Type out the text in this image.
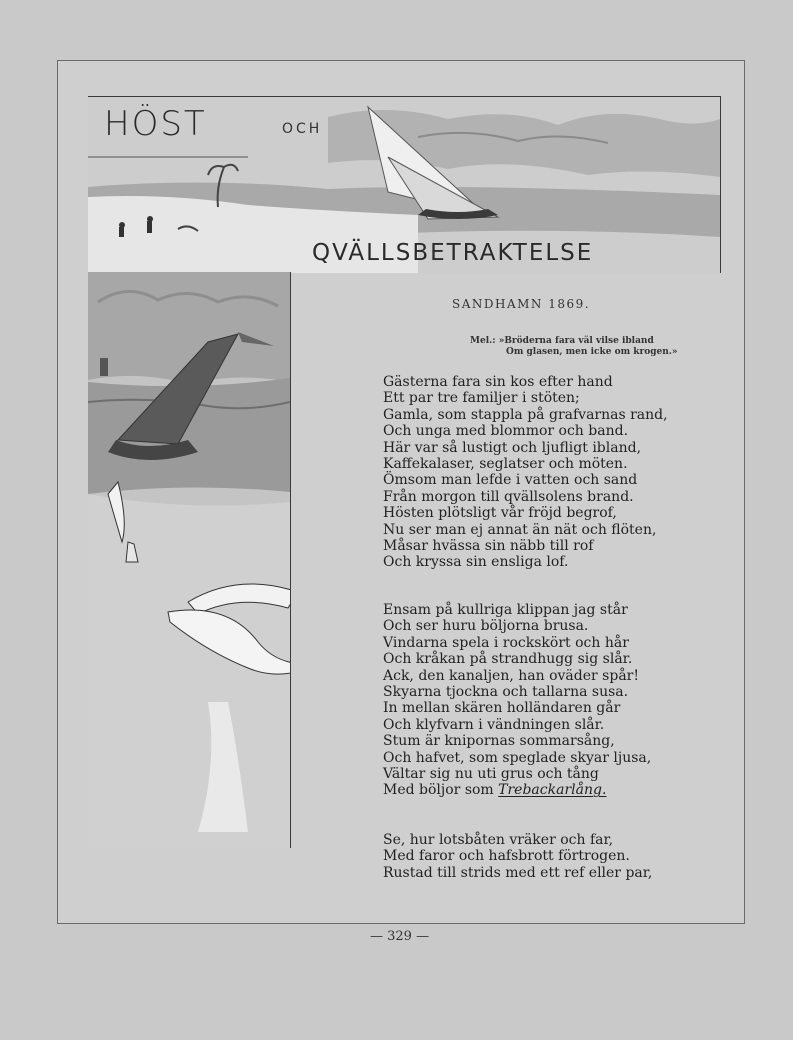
HÖST	OCH
QVÄLLSBETRAKTELSE
SANDHAMN 1869.
Mel.: »Bröderna fara väl vilse ibland
Om glasen, men icke om krogen.»
Gästerna fara sin kos efter hand
Ett par tre familjer i stöten;
Gamla, som stappla på grafvarnas rand,
Och unga med blommor och band.
Här var så lustigt och ljufligt ibland,
Kaffekalaser, seglatser och möten.
Ömsom man lefde i vatten och sand
Från morgon till qvällsolens brand.
Hösten plötsligt vår fröjd begrof,
Nu ser man ej annat än nät och flöten,
Måsar hvässa sin näbb till rof
Och kryssa sin ensliga lof.
Ensam på kullriga klippan jag står
Och ser huru böljorna brusa.
Vindarna spela i rockskört och hår
Och kråkan på strandhugg sig slår.
Ack, den kanaljen, han oväder spår!
Skyarna tjockna och tallarna susa.
In mellan skären holländaren går
Och klyfvarn i vändningen slår.
Stum är knipornas sommarsång,
Och hafvet, som speglade skyar ljusa,
Vältar sig nu uti grus och tång
Med böljor som Trebackarlång.
Se, hur lotsbåten vräker och far,
Med faror och hafsbrott förtrogen.
Rustad till strids med ett ref eller par,
— 329 —
